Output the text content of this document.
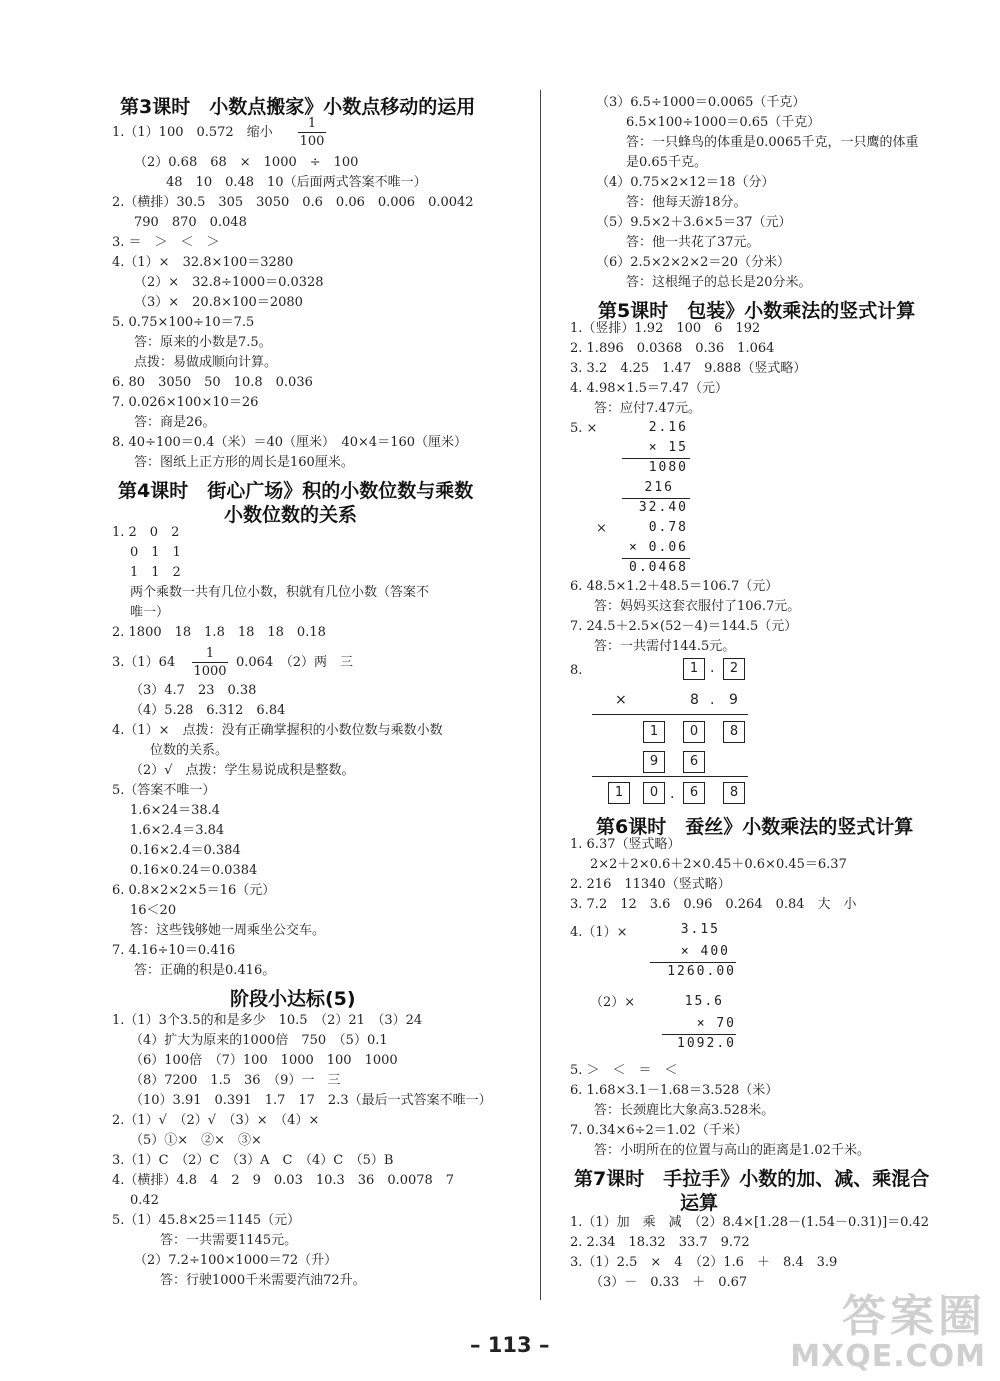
第3课时　小数点搬家》小数点移动的运用
1.（1）100　0.572　缩小
1
100
（2）0.68　68　×　1000　÷　100
48　10　0.48　10（后面两式答案不唯一）
2.（横排）30.5　305　3050　0.6　0.06　0.006　0.0042
790　870　0.048
3. ＝　＞　＜　＞
4.（1）×　32.8×100＝3280
（2）×　32.8÷1000＝0.0328
（3）×　20.8×100＝2080
5. 0.75×100÷10＝7.5
答：原来的小数是7.5。
点拨：易做成顺向计算。
6. 80　3050　50　10.8　0.036
7. 0.026×100×10＝26
答：商是26。
8. 40÷100＝0.4（米）＝40（厘米）　40×4＝160（厘米）
答：图纸上正方形的周长是160厘米。
第4课时　街心广场》积的小数位数与乘数
小数位数的关系
1. 2　0　2
0　1　1
1　1　2
两个乘数一共有几位小数，积就有几位小数（答案不
唯一）
2. 1800　18　1.8　18　18　0.18
3.（1）64
1
1000
0.064　（2）两　三
（3）4.7　23　0.38
（4）5.28　6.312　6.84
4.（1）×　点拨：没有正确掌握积的小数位数与乘数小数
位数的关系。
（2）√　点拨：学生易说成积是整数。
5.（答案不唯一）
1.6×24＝38.4
1.6×2.4＝3.84
0.16×2.4＝0.384
0.16×0.24＝0.0384
6. 0.8×2×2×5＝16（元）
16＜20
答：这些钱够她一周乘坐公交车。
7. 4.16÷10＝0.416
答：正确的积是0.416。
阶段小达标(5)
1.（1）3个3.5的和是多少　10.5　（2）21　（3）24
（4）扩大为原来的1000倍　750　（5）0.1
（6）100倍　（7）100　1000　100　1000
（8）7200　1.5　36　（9）一　三
（10）3.91　0.391　1.7　17　2.3（最后一式答案不唯一）
2.（1）√　（2）√　（3）×　（4）×
（5）①×　②×　③×
3.（1）C　（2）C　（3）A　C　（4）C　（5）B
4.（横排）4.8　4　2　9　0.03　10.3　36　0.0078　7
0.42
5.（1）45.8×25＝1145（元）
答：一共需要1145元。
（2）7.2÷100×1000＝72（升）
答：行驶1000千米需要汽油72升。
（3）6.5÷1000＝0.0065（千克）
6.5×100÷1000＝0.65（千克）
答：一只蜂鸟的体重是0.0065千克，一只鹰的体重
是0.65千克。
（4）0.75×2×12＝18（分）
答：他每天游18分。
（5）9.5×2＋3.6×5＝37（元）
答：他一共花了37元。
（6）2.5×2×2×2＝20（分米）
答：这根绳子的总长是20分米。
第5课时　包装》小数乘法的竖式计算
1.（竖排）1.92　100　6　192
2. 1.896　0.0368　0.36　1.064
3. 3.2　4.25　1.47　9.888（竖式略）
4. 4.98×1.5＝7.47（元）
答：应付7.47元。
5. ×	2.16
× 15
1080
216
32.40
×	0.78
× 0.06
0.0468
6. 48.5×1.2＋48.5＝106.7（元）
答：妈妈买这套衣服付了106.7元。
7. 24.5＋2.5×(52－4)＝144.5（元）
答：一共需付144.5元。
8.	1 .	2
×	8 . 9
1	0	8
9	6
1	0 .	6	8
第6课时　蚕丝》小数乘法的竖式计算
1. 6.37（竖式略）
2×2＋2×0.6＋2×0.45＋0.6×0.45＝6.37
2. 216　11340（竖式略）
3. 7.2　12　3.6　0.96　0.264　0.84　大　小
4.（1）×	3.15
× 400
1260.00
（2）×	15.6
× 70
1092.0
5. ＞　＜　＝　＜
6. 1.68×3.1－1.68＝3.528（米）
答：长颈鹿比大象高3.528米。
7. 0.34×6÷2＝1.02（千米）
答：小明所在的位置与高山的距离是1.02千米。
第7课时　手拉手》小数的加、减、乘混合
运算
1.（1）加　乘　减　（2）8.4×[1.28－(1.54－0.31)]＝0.42
2. 2.34　18.32　33.7　9.72
3.（1）2.5　×　4　（2）1.6　＋　8.4　3.9
（3）－　0.33　＋　0.67
– 113 –
答案圈
MXQE.COM
